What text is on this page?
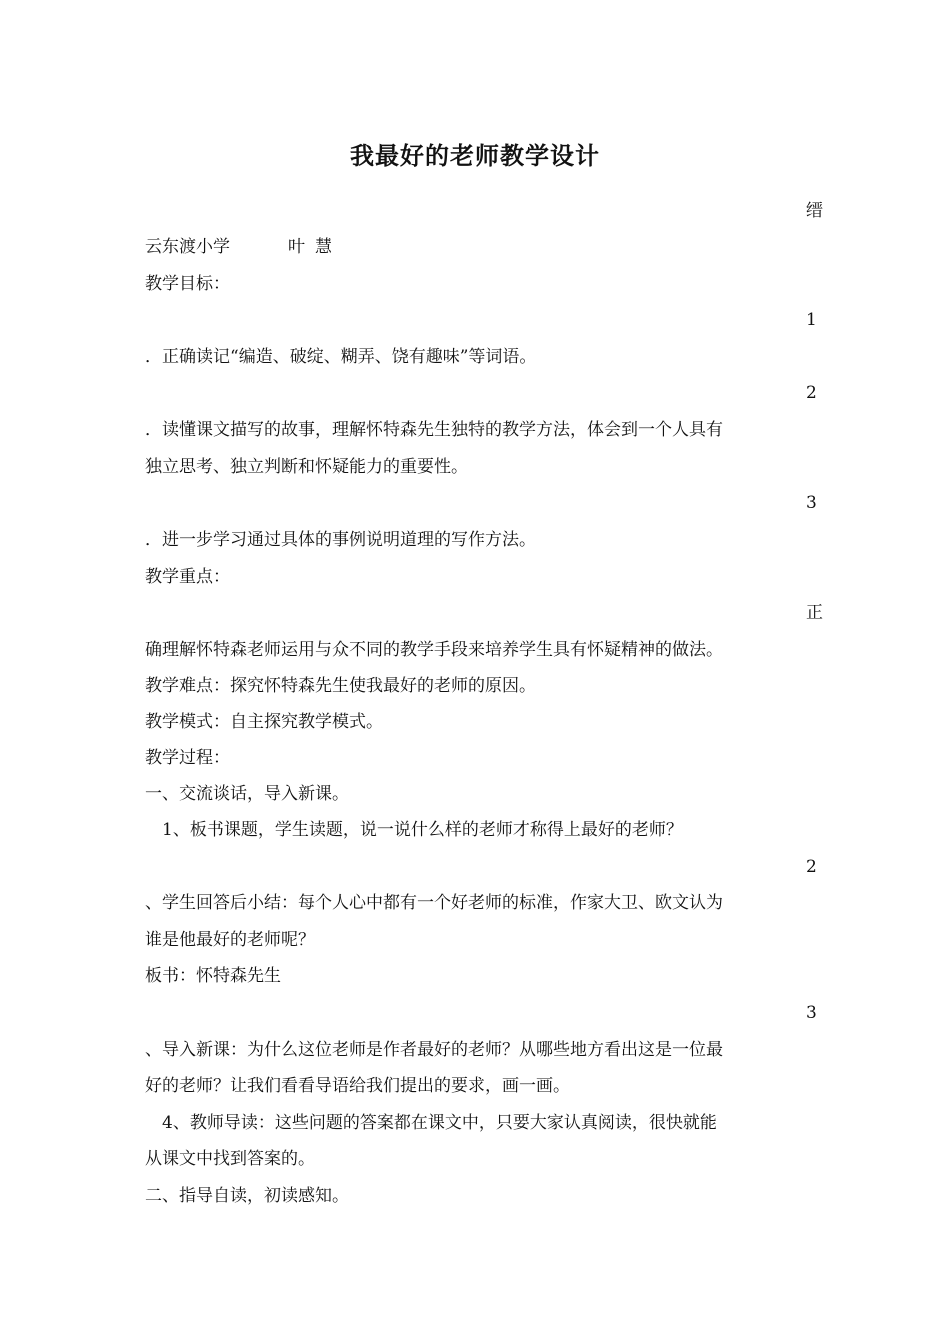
我最好的老师教学设计
缙
云东渡小学	叶 慧
教学目标：
1
．正确读记“编造、破绽、糊弄、饶有趣味”等词语。
2
．读懂课文描写的故事，理解怀特森先生独特的教学方法，体会到一个人具有
独立思考、独立判断和怀疑能力的重要性。
3
．进一步学习通过具体的事例说明道理的写作方法。
教学重点：
正
确理解怀特森老师运用与众不同的教学手段来培养学生具有怀疑精神的做法。
教学难点：探究怀特森先生使我最好的老师的原因。
教学模式：自主探究教学模式。
教学过程：
一、交流谈话，导入新课。
　1、板书课题，学生读题，说一说什么样的老师才称得上最好的老师？
2
、学生回答后小结：每个人心中都有一个好老师的标准，作家大卫、欧文认为
谁是他最好的老师呢？
板书：怀特森先生
3
、导入新课：为什么这位老师是作者最好的老师？从哪些地方看出这是一位最
好的老师？让我们看看导语给我们提出的要求，画一画。
　4、教师导读：这些问题的答案都在课文中，只要大家认真阅读，很快就能
从课文中找到答案的。
二、指导自读，初读感知。
